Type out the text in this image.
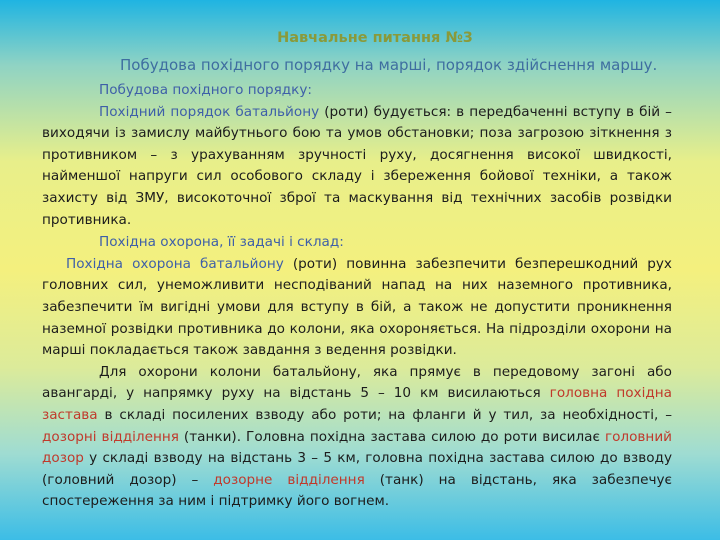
Навчальне питання №3
Побудова похідного порядку на марші, порядок здійснення маршу.

Побудова похідного порядку:

Похідний порядок батальйону (роти) будується: в передбаченні вступу в бій – виходячи із замислу майбутнього бою та умов обстановки; поза загрозою зіткнення з противником – з урахуванням зручності руху, досягнення високої швидкості, найменшої напруги сил особового складу і збереження бойової техніки, а також захисту від ЗМУ, високоточної зброї та маскування від технічних засобів розвідки противника.

Похідна охорона, її задачі і склад:

Похідна охорона батальйону (роти) повинна забезпечити безперешкодний рух головних сил, унеможливити несподіваний напад на них наземного противника, забезпечити їм вигідні умови для вступу в бій, а також не допустити проникнення наземної розвідки противника до колони, яка охороняється. На підрозділи охорони на марші покладається також завдання з ведення розвідки.

Для охорони колони батальйону, яка прямує в передовому загоні або авангарді, у напрямку руху на відстань 5 – 10 км висилаються головна похідна застава в складі посилених взводу або роти; на фланги й у тил, за необхідності, – дозорні відділення (танки). Головна похідна застава силою до роти висилає головний дозор у складі взводу на відстань 3 – 5 км, головна похідна застава силою до взводу (головний дозор) – дозорне відділення (танк) на відстань, яка забезпечує спостереження за ним і підтримку його вогнем.
